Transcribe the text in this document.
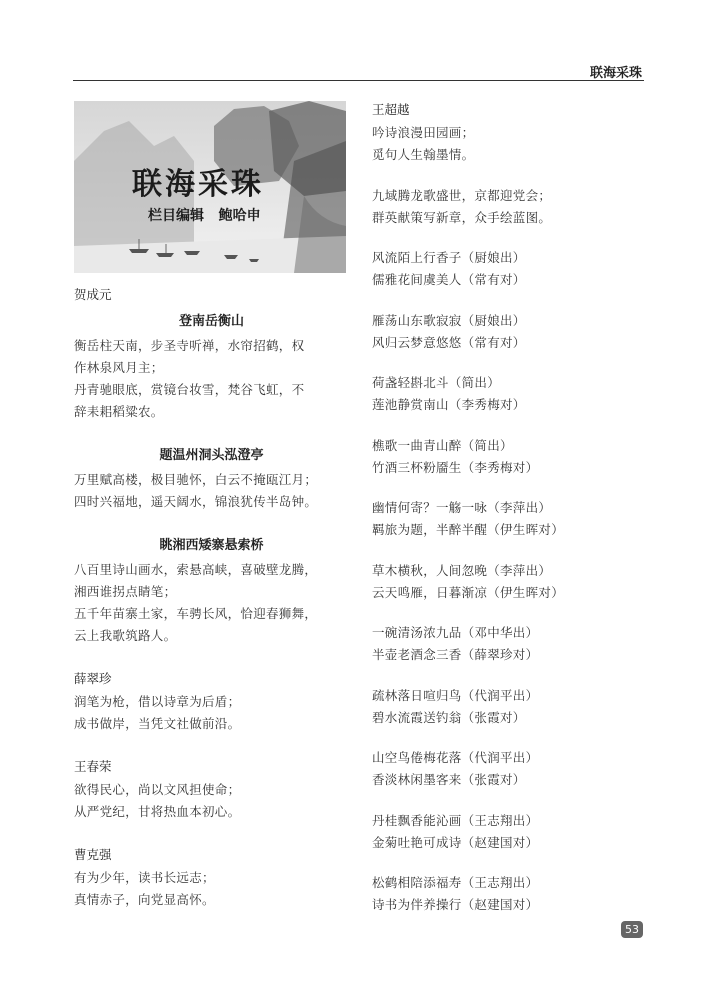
联海采珠
联海采珠
栏目编辑   鲍哈申
贺成元
登南岳衡山
衡岳柱天南，步圣寺听禅，水帘招鹤，权
作林泉风月主；
丹青驰眼底，赏镜台妆雪，梵谷飞虹，不
辞耒耜稻粱农。
题温州洞头泓澄亭
万里赋高楼，极目驰怀，白云不掩瓯江月；
四时兴福地，遥天阔水，锦浪犹传半岛钟。
眺湘西矮寨悬索桥
八百里诗山画水，索悬高峡，喜破壁龙腾，
湘西谁拐点睛笔；
五千年苗寨土家，车骋长风，恰迎春狮舞，
云上我歌筑路人。
薛翠珍
润笔为枪，借以诗章为后盾；
成书做岸，当凭文社做前沿。
王春荣
欲得民心，尚以文风担使命；
从严党纪，甘将热血本初心。
曹克强
有为少年，读书长远志；
真情赤子，向党显高怀。
王超越
吟诗浪漫田园画；
觅句人生翰墨情。
九域腾龙歌盛世，京都迎党会；
群英献策写新章，众手绘蓝图。
风流陌上行香子（厨娘出）
儒雅花间虞美人（常有对）
雁荡山东歌寂寂（厨娘出）
风归云梦意悠悠（常有对）
荷盏轻斟北斗（简出）
莲池静赏南山（李秀梅对）
樵歌一曲青山醉（简出）
竹酒三杯粉靥生（李秀梅对）
幽情何寄？一觞一咏（李萍出）
羁旅为题，半醉半醒（伊生晖对）
草木横秋，人间忽晚（李萍出）
云天鸣雁，日暮渐凉（伊生晖对）
一碗清汤浓九品（邓中华出）
半壶老酒念三香（薛翠珍对）
疏林落日喧归鸟（代润平出）
碧水流霞送钓翁（张霞对）
山空鸟倦梅花落（代润平出）
香淡林闲墨客来（张霞对）
丹桂飘香能沁画（王志翔出）
金菊吐艳可成诗（赵建国对）
松鹤相陪添福寿（王志翔出）
诗书为伴养操行（赵建国对）
53
